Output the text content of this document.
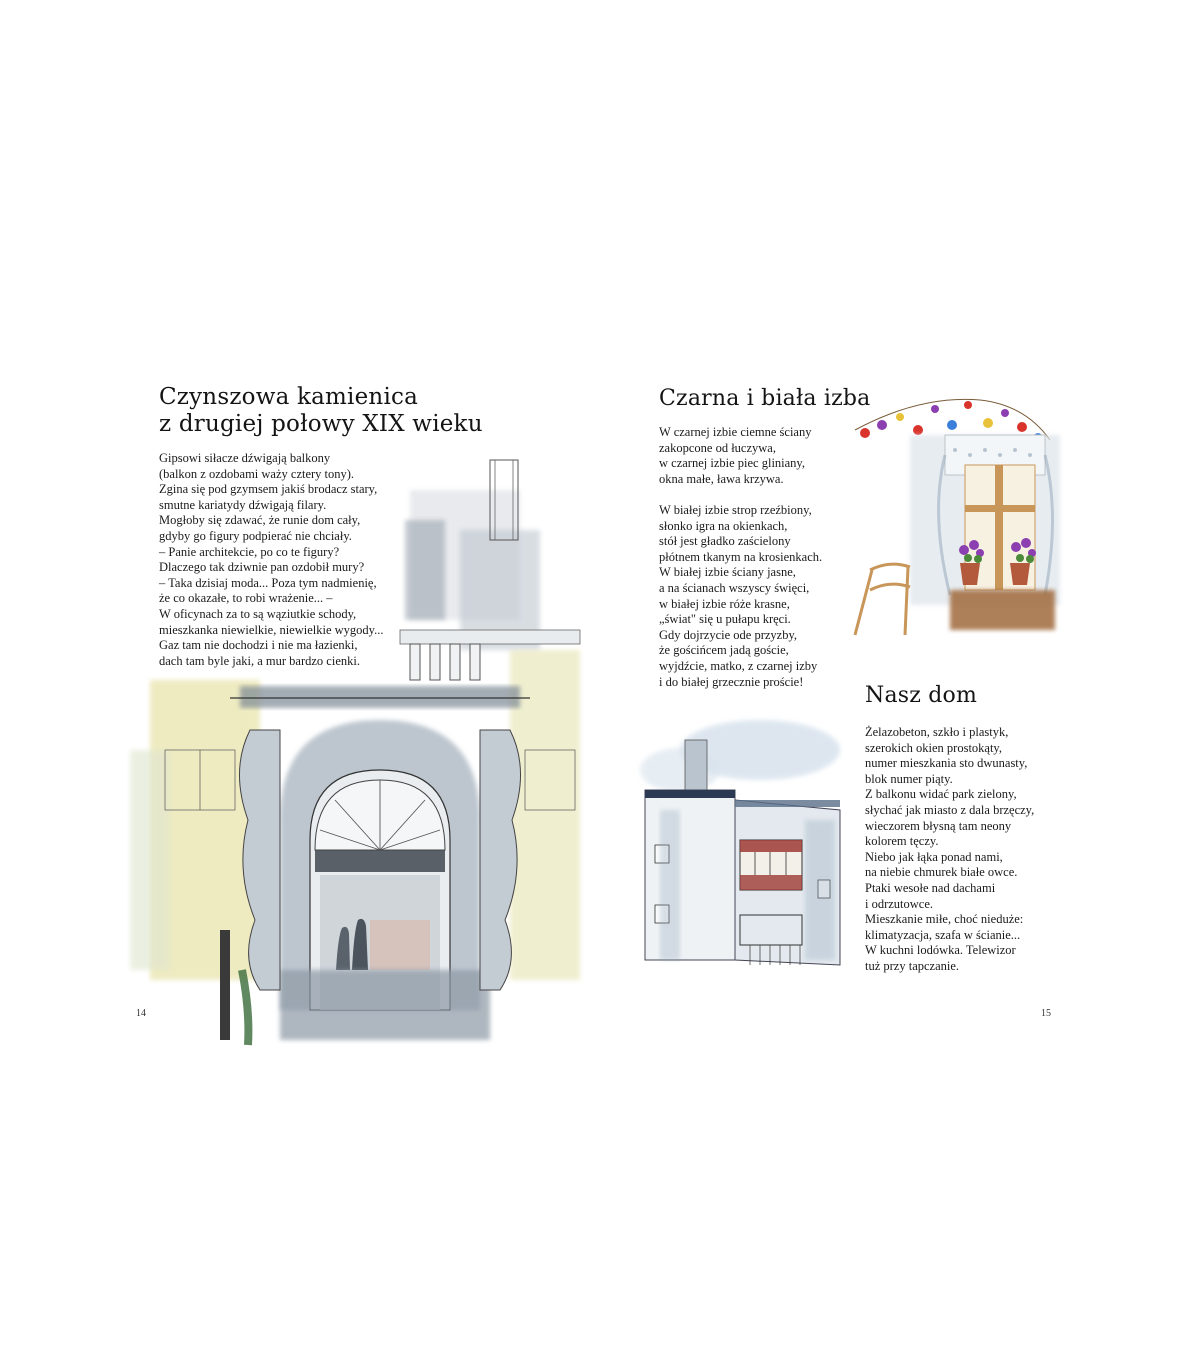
Czynszowa kamienica
z drugiej połowy XIX wieku
Gipsowi siłacze dźwigają balkony
(balkon z ozdobami waży cztery tony).
Zgina się pod gzymsem jakiś brodacz stary,
smutne kariatydy dźwigają filary.
Mogłoby się zdawać, że runie dom cały,
gdyby go figury podpierać nie chciały.
– Panie architekcie, po co te figury?
Dlaczego tak dziwnie pan ozdobił mury?
– Taka dzisiaj moda... Poza tym nadmienię,
że co okazałe, to robi wrażenie... –
W oficynach za to są wąziutkie schody,
mieszkanka niewielkie, niewielkie wygody...
Gaz tam nie dochodzi i nie ma łazienki,
dach tam byle jaki, a mur bardzo cienki.
14
Czarna i biała izba
W czarnej izbie ciemne ściany
zakopcone od łuczywa,
w czarnej izbie piec gliniany,
okna małe, ława krzywa.
W białej izbie strop rzeźbiony,
słonko igra na okienkach,
stół jest gładko zaścielony
płótnem tkanym na krosienkach.
W białej izbie ściany jasne,
a na ścianach wszyscy święci,
w białej izbie róże krasne,
„świat" się u pułapu kręci.
Gdy dojrzycie ode przyzby,
że gościńcem jadą goście,
wyjdźcie, matko, z czarnej izby
i do białej grzecznie proście!
Nasz dom
Żelazobeton, szkło i plastyk,
szerokich okien prostokąty,
numer mieszkania sto dwunasty,
blok numer piąty.
Z balkonu widać park zielony,
słychać jak miasto z dala brzęczy,
wieczorem błysną tam neony
kolorem tęczy.
Niebo jak łąka ponad nami,
na niebie chmurek białe owce.
Ptaki wesołe nad dachami
i odrzutowce.
Mieszkanie miłe, choć nieduże:
klimatyzacja, szafa w ścianie...
W kuchni lodówka. Telewizor
tuż przy tapczanie.
15
